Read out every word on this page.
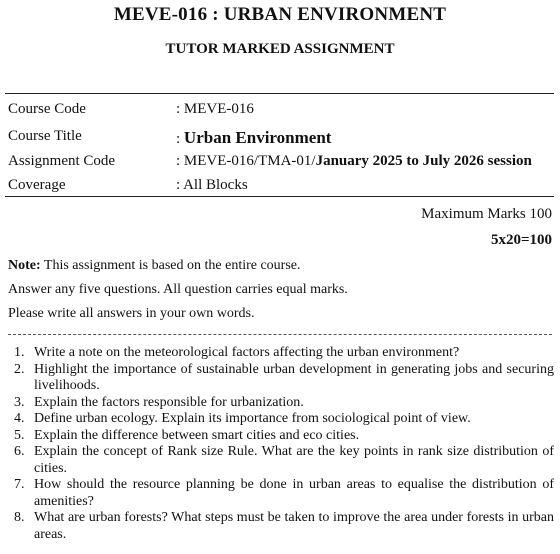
MEVE-016 : URBAN ENVIRONMENT
TUTOR MARKED ASSIGNMENT
Course Code	: MEVE-016
Course Title	: Urban Environment
Assignment Code	: MEVE-016/TMA-01/January 2025 to July 2026 session
Coverage	: All Blocks
Maximum Marks 100
5x20=100
Note: This assignment is based on the entire course.
Answer any five questions. All question carries equal marks.
Please write all answers in your own words.
1. Write a note on the meteorological factors affecting the urban environment?
2. Highlight the importance of sustainable urban development in generating jobs and securing livelihoods.
3. Explain the factors responsible for urbanization.
4. Define urban ecology. Explain its importance from sociological point of view.
5. Explain the difference between smart cities and eco cities.
6. Explain the concept of Rank size Rule. What are the key points in rank size distribution of cities.
7. How should the resource planning be done in urban areas to equalise the distribution of amenities?
8. What are urban forests? What steps must be taken to improve the area under forests in urban areas.
